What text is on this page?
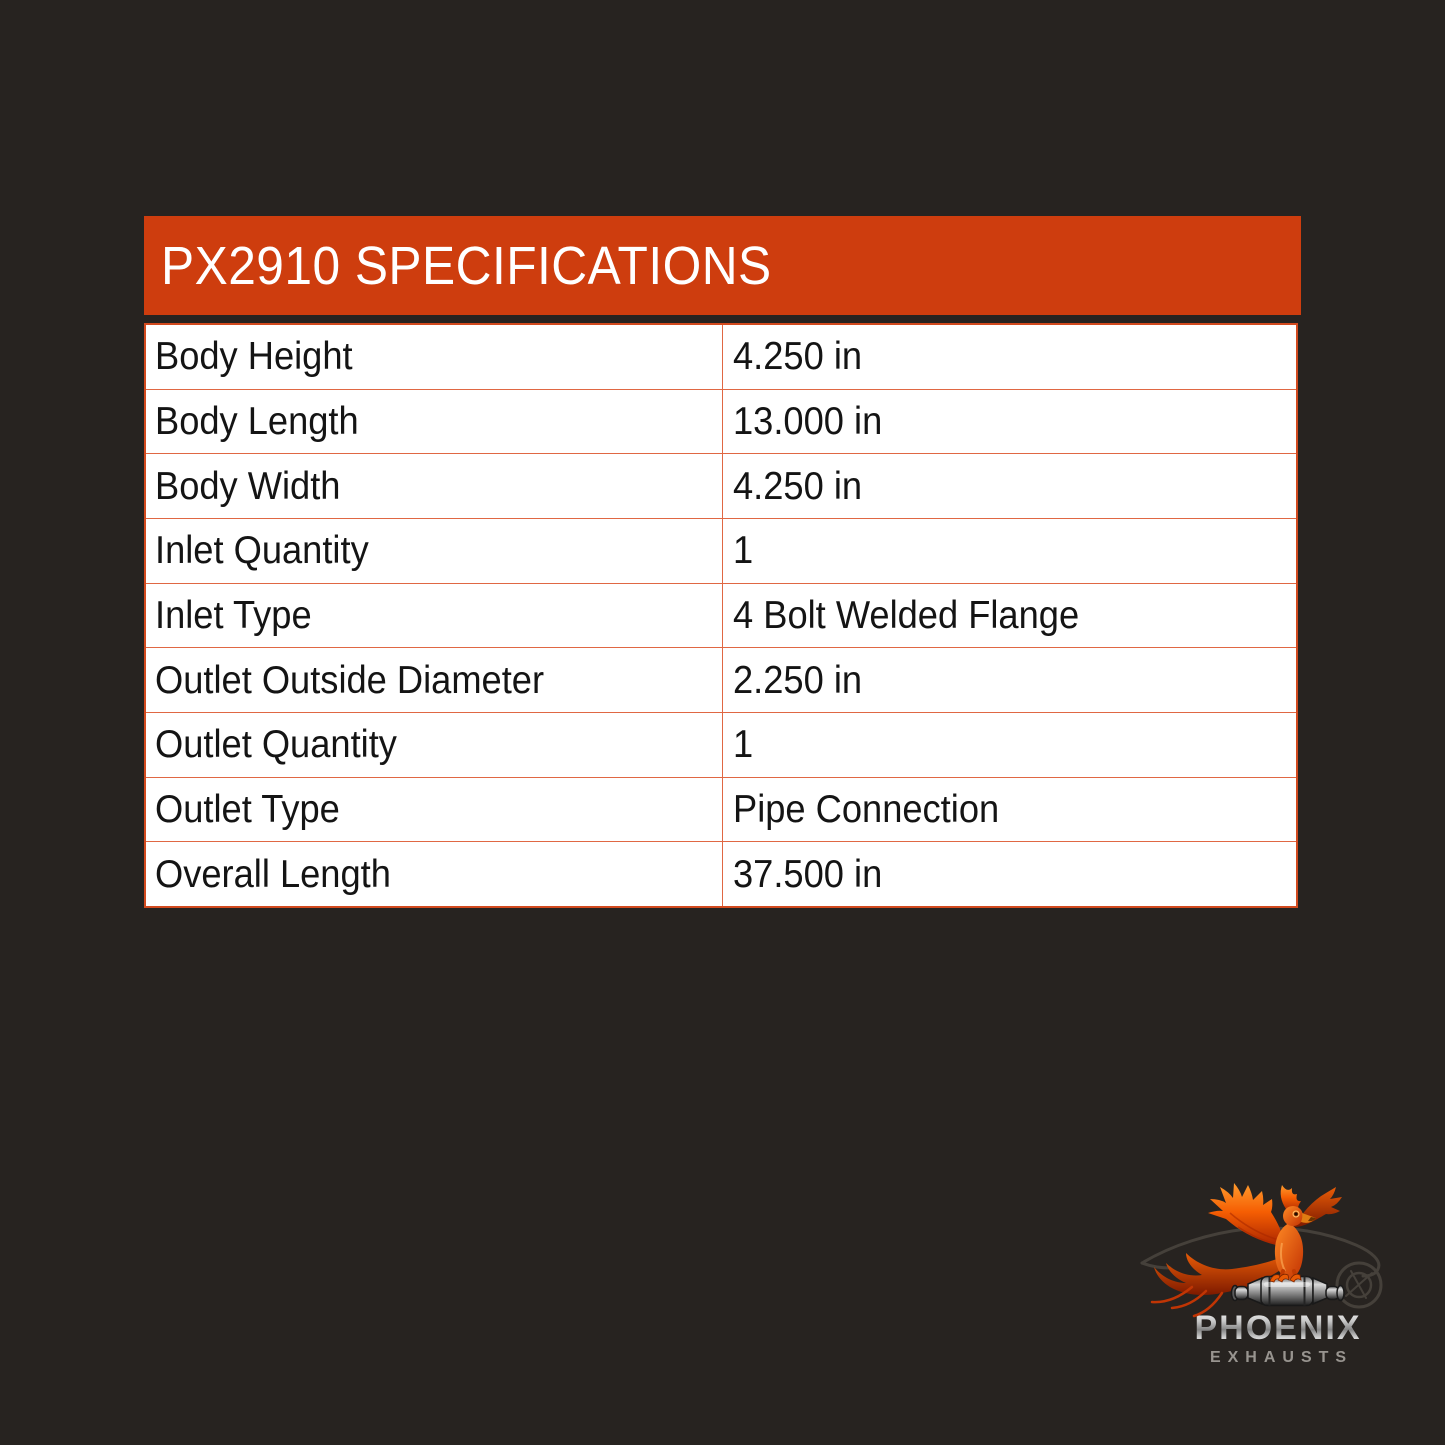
PX2910 SPECIFICATIONS
Body Height	4.250 in
Body Length	13.000 in
Body Width	4.250 in
Inlet Quantity	1
Inlet Type	4 Bolt Welded Flange
Outlet Outside Diameter	2.250 in
Outlet Quantity	1
Outlet Type	Pipe Connection
Overall Length	37.500 in
PHOENIX
EXHAUSTS
